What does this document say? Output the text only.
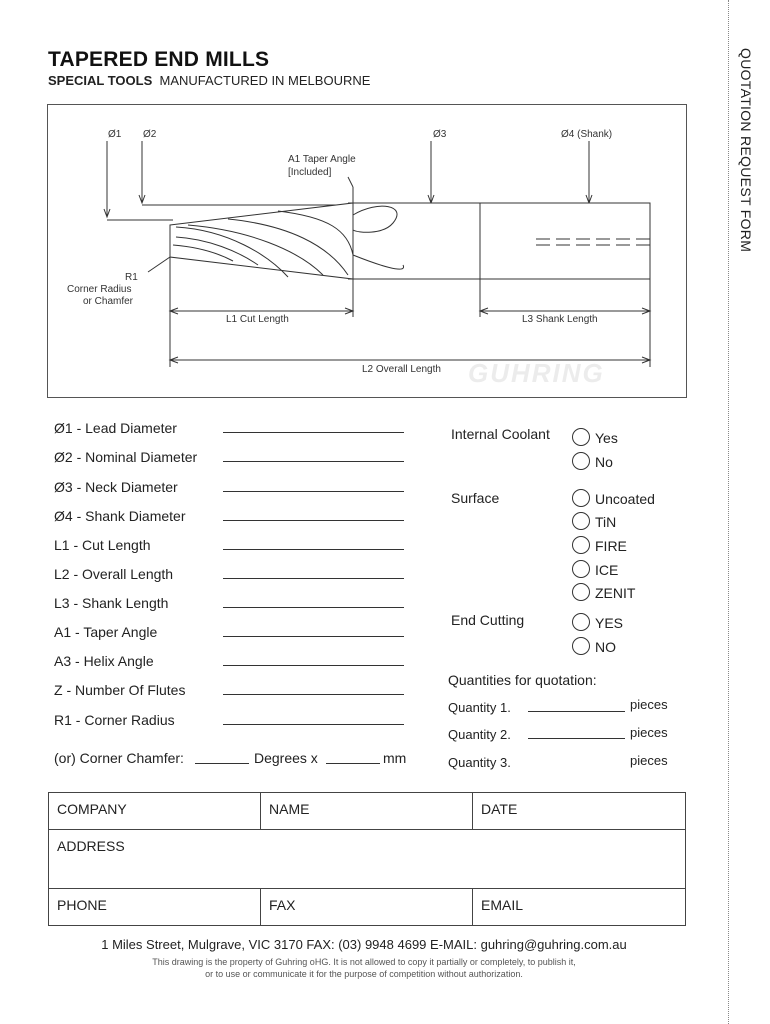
QUOTATION REQUEST FORM
TAPERED END MILLS
SPECIAL TOOLS MANUFACTURED IN MELBOURNE
GUHRING
Ø1 Ø2	Ø3	Ø4 (Shank)
A1 Taper Angle
[Included]
R1
Corner Radius
or Chamfer
L1 Cut Length	L3 Shank Length
L2 Overall Length
Ø1 - Lead Diameter
Ø2 - Nominal Diameter
Ø3 - Neck Diameter
Ø4 - Shank Diameter
L1 - Cut Length
L2 - Overall Length
L3 - Shank Length
A1 - Taper Angle
A3 - Helix Angle
Z - Number Of Flutes
R1 - Corner Radius
(or) Corner Chamfer:	Degrees x	mm
Internal Coolant	Yes
No
Surface	Uncoated
TiN
FIRE
ICE
ZENIT
End Cutting	YES
NO
Quantities for quotation:
Quantity 1.	pieces
Quantity 2.	pieces
Quantity 3.	pieces
COMPANY	NAME	DATE
ADDRESS		
PHONE	FAX	EMAIL
1 Miles Street, Mulgrave, VIC 3170 FAX: (03) 9948 4699 E-MAIL: guhring@guhring.com.au
This drawing is the property of Guhring oHG. It is not allowed to copy it partially or completely, to publish it,
or to use or communicate it for the purpose of competition without authorization.
